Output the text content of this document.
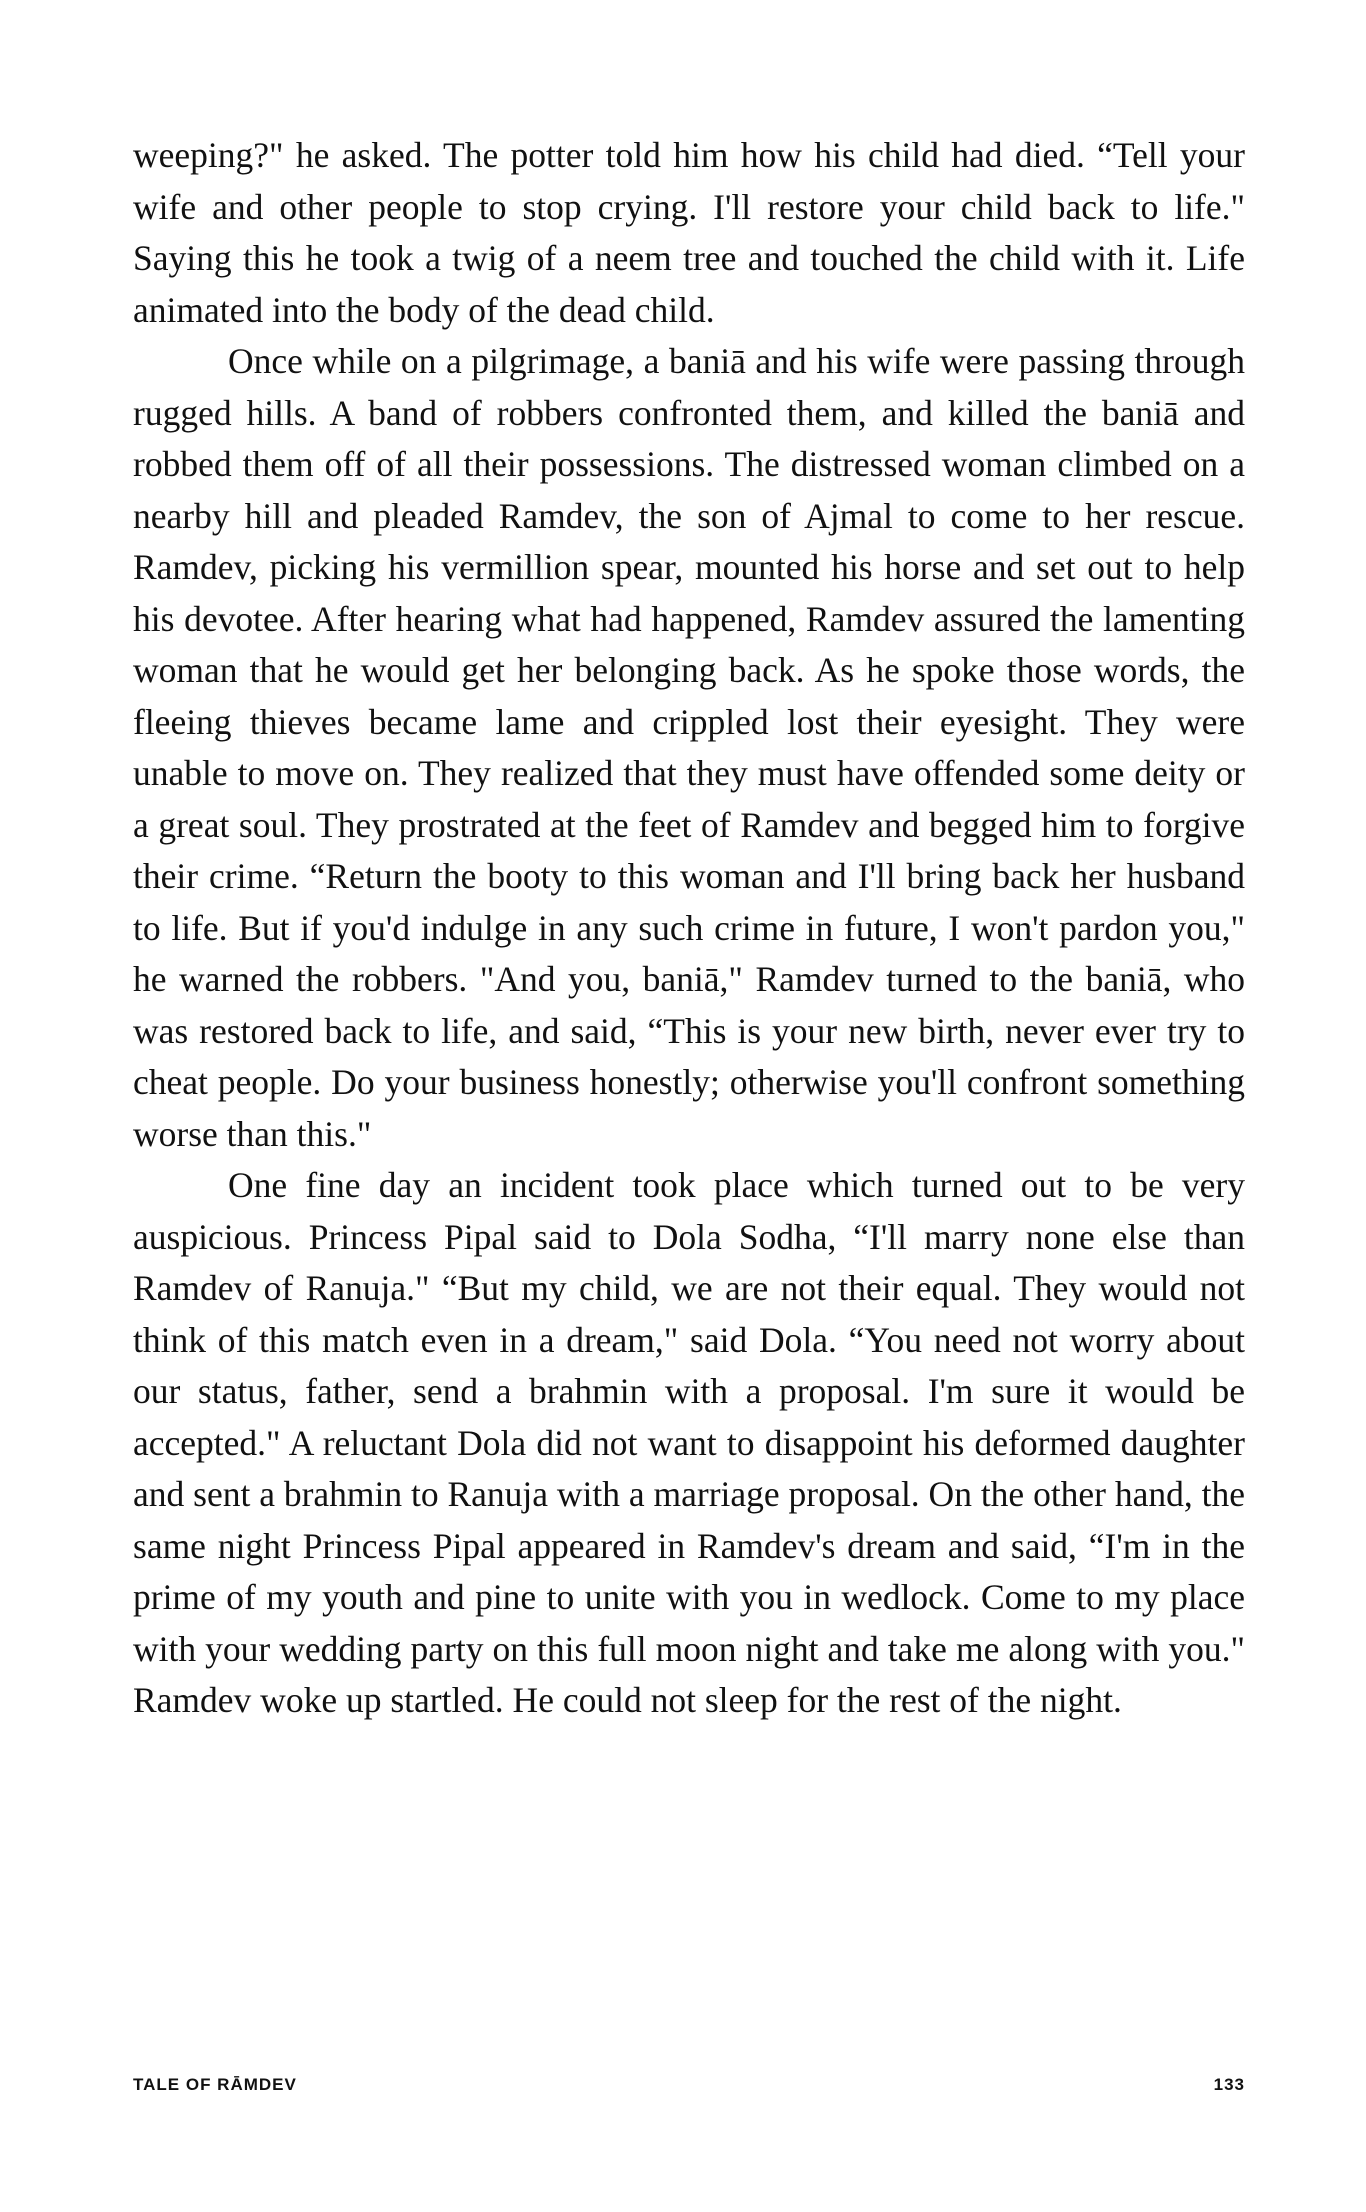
weeping?" he asked. The potter told him how his child had died. “Tell your wife and other people to stop crying. I'll restore your child back to life." Saying this he took a twig of a neem tree and touched the child with it. Life animated into the body of the dead child.

Once while on a pilgrimage, a baniā and his wife were passing through rugged hills. A band of robbers confronted them, and killed the baniā and robbed them off of all their possessions. The distressed woman climbed on a nearby hill and pleaded Ramdev, the son of Ajmal to come to her rescue. Ramdev, picking his vermillion spear, mounted his horse and set out to help his devotee. After hearing what had happened, Ramdev assured the lamenting woman that he would get her belonging back. As he spoke those words, the fleeing thieves became lame and crippled lost their eyesight. They were unable to move on. They realized that they must have offended some deity or a great soul. They prostrated at the feet of Ramdev and begged him to forgive their crime. “Return the booty to this woman and I'll bring back her husband to life. But if you'd indulge in any such crime in future, I won't pardon you," he warned the robbers. "And you, baniā," Ramdev turned to the baniā, who was restored back to life, and said, “This is your new birth, never ever try to cheat people. Do your business honestly; otherwise you'll confront something worse than this."

One fine day an incident took place which turned out to be very auspicious. Princess Pipal said to Dola Sodha, “I'll marry none else than Ramdev of Ranuja." “But my child, we are not their equal. They would not think of this match even in a dream," said Dola. “You need not worry about our status, father, send a brahmin with a proposal. I'm sure it would be accepted." A reluctant Dola did not want to disappoint his deformed daughter and sent a brahmin to Ranuja with a marriage proposal. On the other hand, the same night Princess Pipal appeared in Ramdev's dream and said, “I'm in the prime of my youth and pine to unite with you in wedlock. Come to my place with your wedding party on this full moon night and take me along with you." Ramdev woke up startled. He could not sleep for the rest of the night.

TALE OF RĀMDEV	133
